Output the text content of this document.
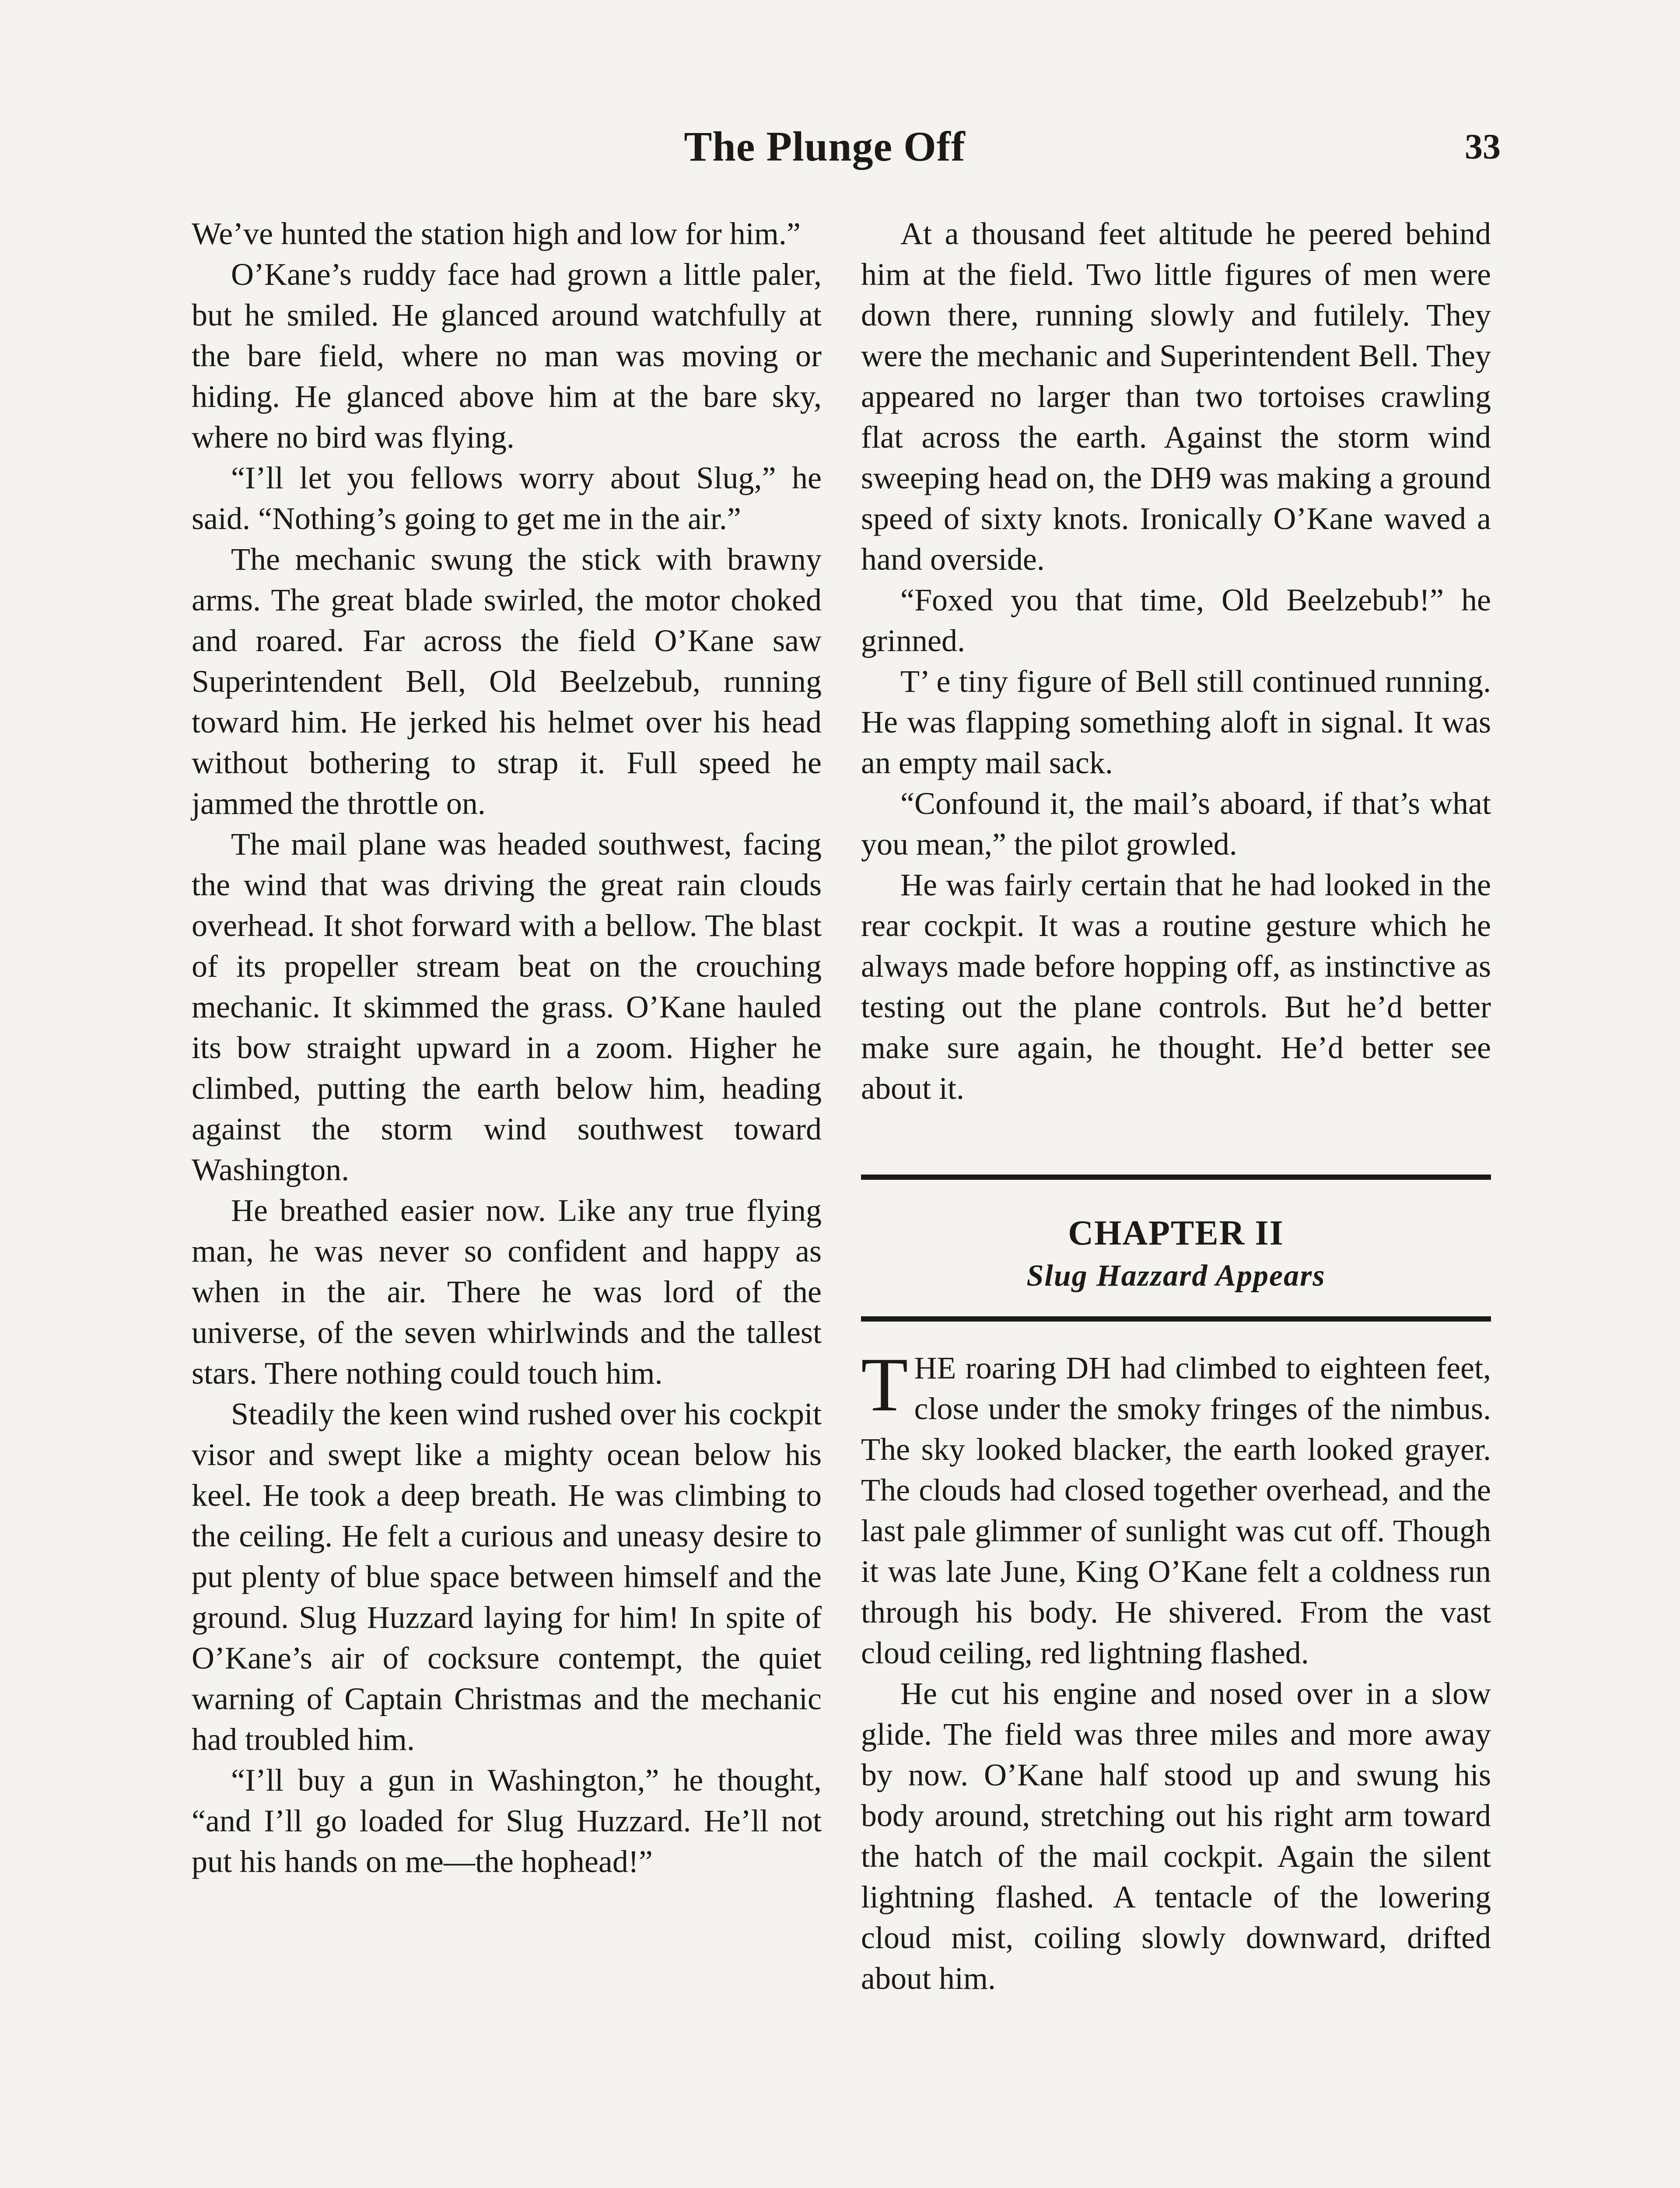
The Plunge Off	33

We’ve hunted the station high and low for him.”

O’Kane’s ruddy face had grown a little paler, but he smiled. He glanced around watchfully at the bare field, where no man was moving or hiding. He glanced above him at the bare sky, where no bird was flying.

“I’ll let you fellows worry about Slug,” he said. “Nothing’s going to get me in the air.”

The mechanic swung the stick with brawny arms. The great blade swirled, the motor choked and roared. Far across the field O’Kane saw Superintendent Bell, Old Beelzebub, running toward him. He jerked his helmet over his head without bothering to strap it. Full speed he jammed the throttle on.

The mail plane was headed southwest, facing the wind that was driving the great rain clouds overhead. It shot forward with a bellow. The blast of its propeller stream beat on the crouching mechanic. It skimmed the grass. O’Kane hauled its bow straight upward in a zoom. Higher he climbed, putting the earth below him, heading against the storm wind southwest toward Washington.

He breathed easier now. Like any true flying man, he was never so confident and happy as when in the air. There he was lord of the universe, of the seven whirlwinds and the tallest stars. There nothing could touch him.

Steadily the keen wind rushed over his cockpit visor and swept like a mighty ocean below his keel. He took a deep breath. He was climbing to the ceiling. He felt a curious and uneasy desire to put plenty of blue space between himself and the ground. Slug Huzzard laying for him! In spite of O’Kane’s air of cocksure contempt, the quiet warning of Captain Christmas and the mechanic had troubled him.

“I’ll buy a gun in Washington,” he thought, “and I’ll go loaded for Slug Huzzard. He’ll not put his hands on me—the hophead!”

At a thousand feet altitude he peered behind him at the field. Two little figures of men were down there, running slowly and futilely. They were the mechanic and Superintendent Bell. They appeared no larger than two tortoises crawling flat across the earth. Against the storm wind sweeping head on, the DH9 was making a ground speed of sixty knots. Ironically O’Kane waved a hand overside.

“Foxed you that time, Old Beelzebub!” he grinned.

T’ e tiny figure of Bell still continued running. He was flapping something aloft in signal. It was an empty mail sack.

“Confound it, the mail’s aboard, if that’s what you mean,” the pilot growled.

He was fairly certain that he had looked in the rear cockpit. It was a routine gesture which he always made before hopping off, as instinctive as testing out the plane controls. But he’d better make sure again, he thought. He’d better see about it.

CHAPTER II
Slug Hazzard Appears

THE roaring DH had climbed to eighteen feet, close under the smoky fringes of the nimbus. The sky looked blacker, the earth looked grayer. The clouds had closed together overhead, and the last pale glimmer of sunlight was cut off. Though it was late June, King O’Kane felt a coldness run through his body. He shivered. From the vast cloud ceiling, red lightning flashed.

He cut his engine and nosed over in a slow glide. The field was three miles and more away by now. O’Kane half stood up and swung his body around, stretching out his right arm toward the hatch of the mail cockpit. Again the silent lightning flashed. A tentacle of the lowering cloud mist, coiling slowly downward, drifted about him.
